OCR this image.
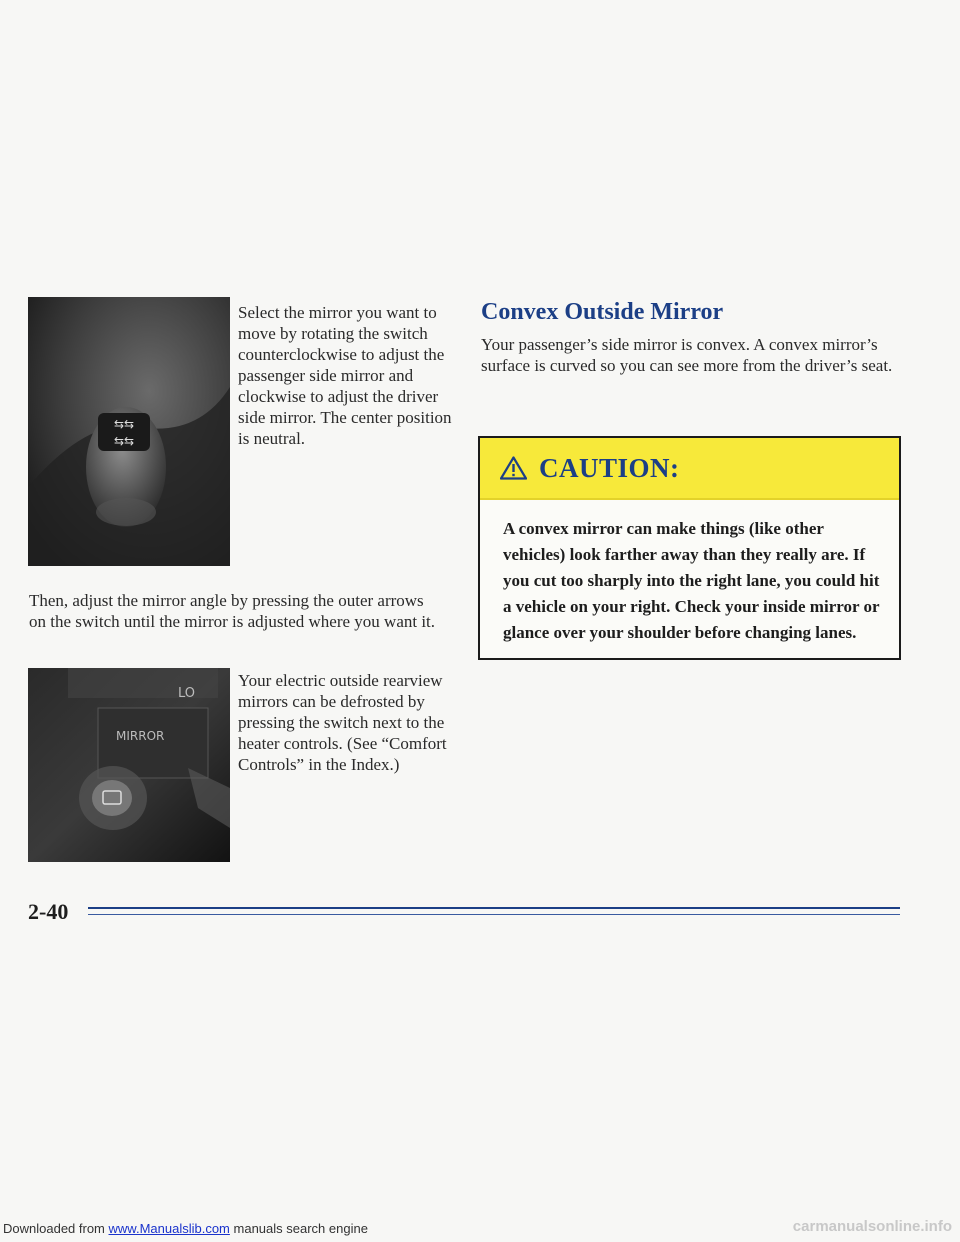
⇆⇆
⇆⇆

Select the mirror you want to move by rotating the switch counterclockwise to adjust the passenger side mirror and clockwise to adjust the driver side mirror. The center position is neutral.

Then, adjust the mirror angle by pressing the outer arrows on the switch until the mirror is adjusted where you want it.

LO
MIRROR

Your electric outside rearview mirrors can be defrosted by pressing the switch next to the heater controls. (See “Comfort Controls” in the Index.)

Convex Outside Mirror

Your passenger’s side mirror is convex. A convex mirror’s surface is curved so you can see more from the driver’s seat.

CAUTION:

A convex mirror can make things (like other vehicles) look farther away than they really are. If you cut too sharply into the right lane, you could hit a vehicle on your right. Check your inside mirror or glance over your shoulder before changing lanes.

2-40
Downloaded from www.Manualslib.com manuals search engine	carmanualsonline.info
